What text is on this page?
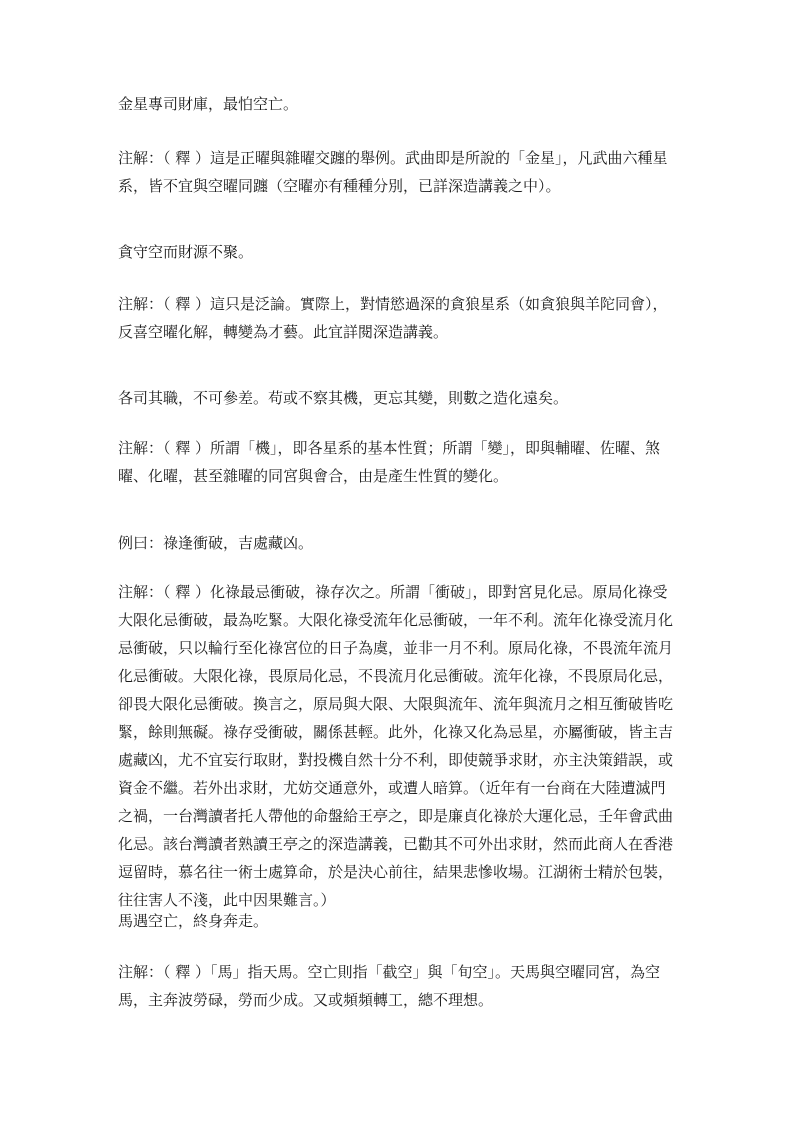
金星專司財庫，最怕空亡。

注解：（ 釋 ）這是正曜與雜曜交躔的舉例。武曲即是所說的「金星」，凡武曲六種星系，皆不宜與空曜同躔（空曜亦有種種分別，已詳深造講義之中）。

貪守空而財源不聚。

注解：（ 釋 ）這只是泛論。實際上，對情慾過深的貪狼星系（如貪狼與羊陀同會），反喜空曜化解，轉變為才藝。此宜詳閱深造講義。

各司其職，不可參差。苟或不察其機，更忘其變，則數之造化遠矣。

注解：（ 釋 ）所謂「機」，即各星系的基本性質；所謂「變」，即與輔曜、佐曜、煞曜、化曜，甚至雜曜的同宮與會合，由是產生性質的變化。

例曰：祿逢衝破，吉處藏凶。

注解：（ 釋 ）化祿最忌衝破，祿存次之。所謂「衝破」，即對宮見化忌。原局化祿受大限化忌衝破，最為吃緊。大限化祿受流年化忌衝破，一年不利。流年化祿受流月化忌衝破，只以輪行至化祿宮位的日子為虞，並非一月不利。原局化祿，不畏流年流月化忌衝破。大限化祿，畏原局化忌，不畏流月化忌衝破。流年化祿，不畏原局化忌，卻畏大限化忌衝破。換言之，原局與大限、大限與流年、流年與流月之相互衝破皆吃緊，餘則無礙。祿存受衝破，關係甚輕。此外，化祿又化為忌星，亦屬衝破，皆主吉處藏凶，尤不宜妄行取財，對投機自然十分不利，即使競爭求財，亦主決策錯誤，或資金不繼。若外出求財，尤妨交通意外，或遭人暗算。（近年有一台商在大陸遭滅門之禍，一台灣讀者托人帶他的命盤給王亭之，即是廉貞化祿於大運化忌，壬年會武曲化忌。該台灣讀者熟讀王亭之的深造講義，已勸其不可外出求財，然而此商人在香港逗留時，慕名往一術士處算命，於是決心前往，結果悲慘收場。江湖術士精於包裝，往往害人不淺，此中因果難言。）

馬遇空亡，終身奔走。

注解：（ 釋 ）「馬」指天馬。空亡則指「截空」與「旬空」。天馬與空曜同宮，為空馬，主奔波勞碌，勞而少成。又或頻頻轉工，總不理想。
